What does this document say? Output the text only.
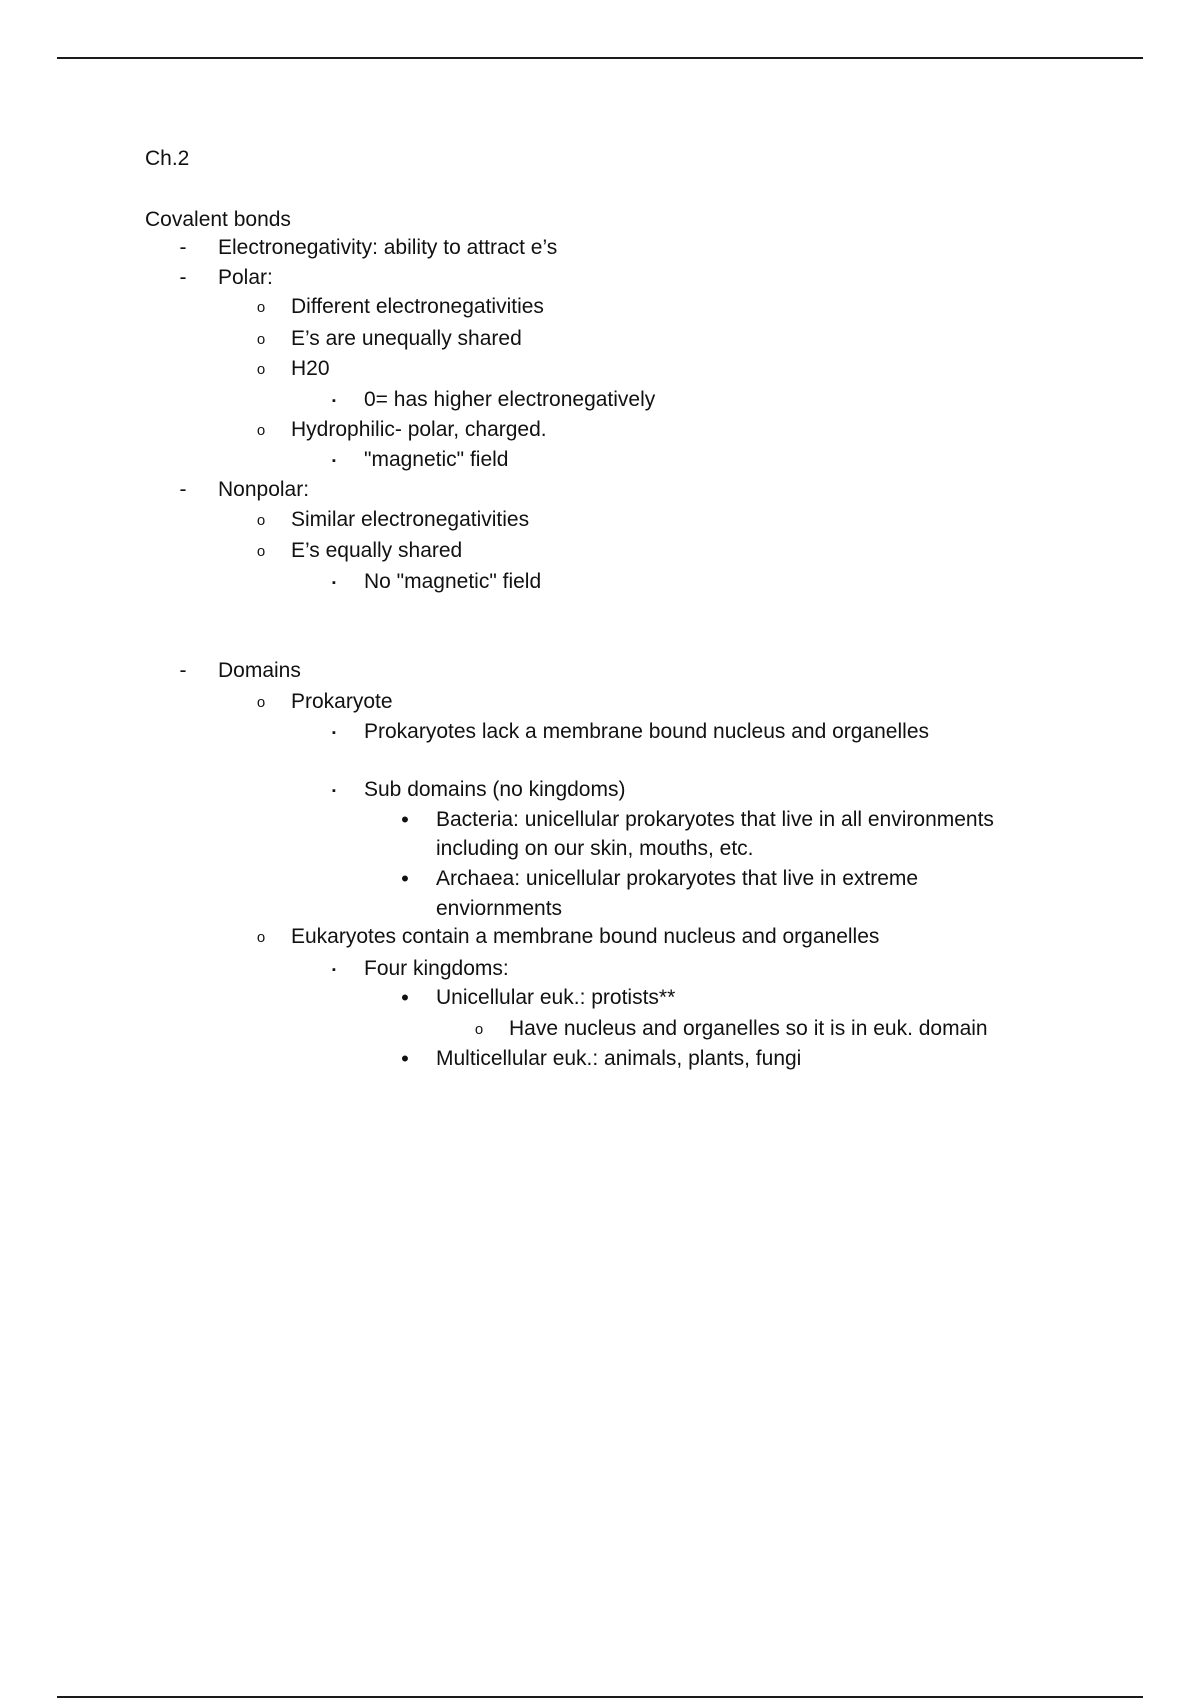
Ch.2
Covalent bonds
-	Electronegativity: ability to attract e’s
-	Polar:
o Different electronegativities
o E’s are unequally shared
o H20
▪	0= has higher electronegatively
o Hydrophilic- polar, charged.
▪	"magnetic" field
-	Nonpolar:
o Similar electronegativities
o E’s equally shared
▪	No "magnetic" field
-	Domains
o Prokaryote
▪	Prokaryotes lack a membrane bound nucleus and organelles
▪	Sub domains (no kingdoms)
• Bacteria: unicellular prokaryotes that live in all environments
including on our skin, mouths, etc.
• Archaea: unicellular prokaryotes that live in extreme
enviornments
o Eukaryotes contain a membrane bound nucleus and organelles
▪	Four kingdoms:
• Unicellular euk.: protists**
o Have nucleus and organelles so it is in euk. domain
• Multicellular euk.: animals, plants, fungi
